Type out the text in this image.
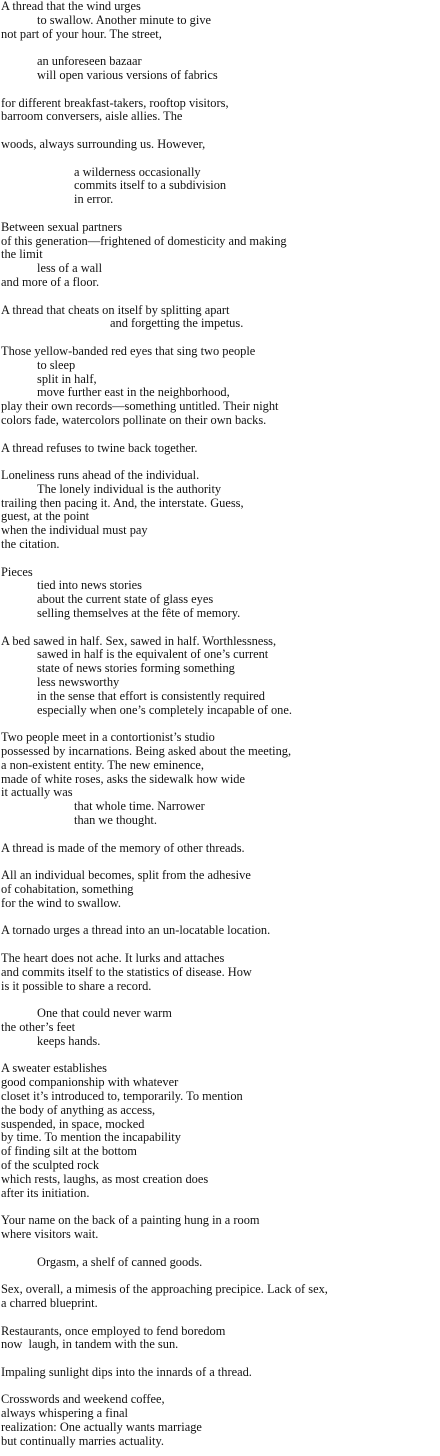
A thread that the wind urges
to swallow. Another minute to give
not part of your hour. The street,
an unforeseen bazaar
will open various versions of fabrics
for different breakfast-takers, rooftop visitors,
barroom conversers, aisle allies. The
woods, always surrounding us. However,
a wilderness occasionally
commits itself to a subdivision
in error.
Between sexual partners
of this generation—frightened of domesticity and making
the limit
less of a wall
and more of a floor.
A thread that cheats on itself by splitting apart
and forgetting the impetus.
Those yellow-banded red eyes that sing two people
to sleep
split in half,
move further east in the neighborhood,
play their own records—something untitled. Their night
colors fade, watercolors pollinate on their own backs.
A thread refuses to twine back together.
Loneliness runs ahead of the individual.
The lonely individual is the authority
trailing then pacing it. And, the interstate. Guess,
guest, at the point
when the individual must pay
the citation.
Pieces
tied into news stories
about the current state of glass eyes
selling themselves at the fête of memory.
A bed sawed in half. Sex, sawed in half. Worthlessness,
sawed in half is the equivalent of one’s current
state of news stories forming something
less newsworthy
in the sense that effort is consistently required
especially when one’s completely incapable of one.
Two people meet in a contortionist’s studio
possessed by incarnations. Being asked about the meeting,
a non-existent entity. The new eminence,
made of white roses, asks the sidewalk how wide
it actually was
that whole time. Narrower
than we thought.
A thread is made of the memory of other threads.
All an individual becomes, split from the adhesive
of cohabitation, something
for the wind to swallow.
A tornado urges a thread into an un-locatable location.
The heart does not ache. It lurks and attaches
and commits itself to the statistics of disease. How
is it possible to share a record.
One that could never warm
the other’s feet
keeps hands.
A sweater establishes
good companionship with whatever
closet it’s introduced to, temporarily. To mention
the body of anything as access,
suspended, in space, mocked
by time. To mention the incapability
of finding silt at the bottom
of the sculpted rock
which rests, laughs, as most creation does
after its initiation.
Your name on the back of a painting hung in a room
where visitors wait.
Orgasm, a shelf of canned goods.
Sex, overall, a mimesis of the approaching precipice. Lack of sex,
a charred blueprint.
Restaurants, once employed to fend boredom
now  laugh, in tandem with the sun.
Impaling sunlight dips into the innards of a thread.
Crosswords and weekend coffee,
always whispering a final
realization: One actually wants marriage
but continually marries actuality.
